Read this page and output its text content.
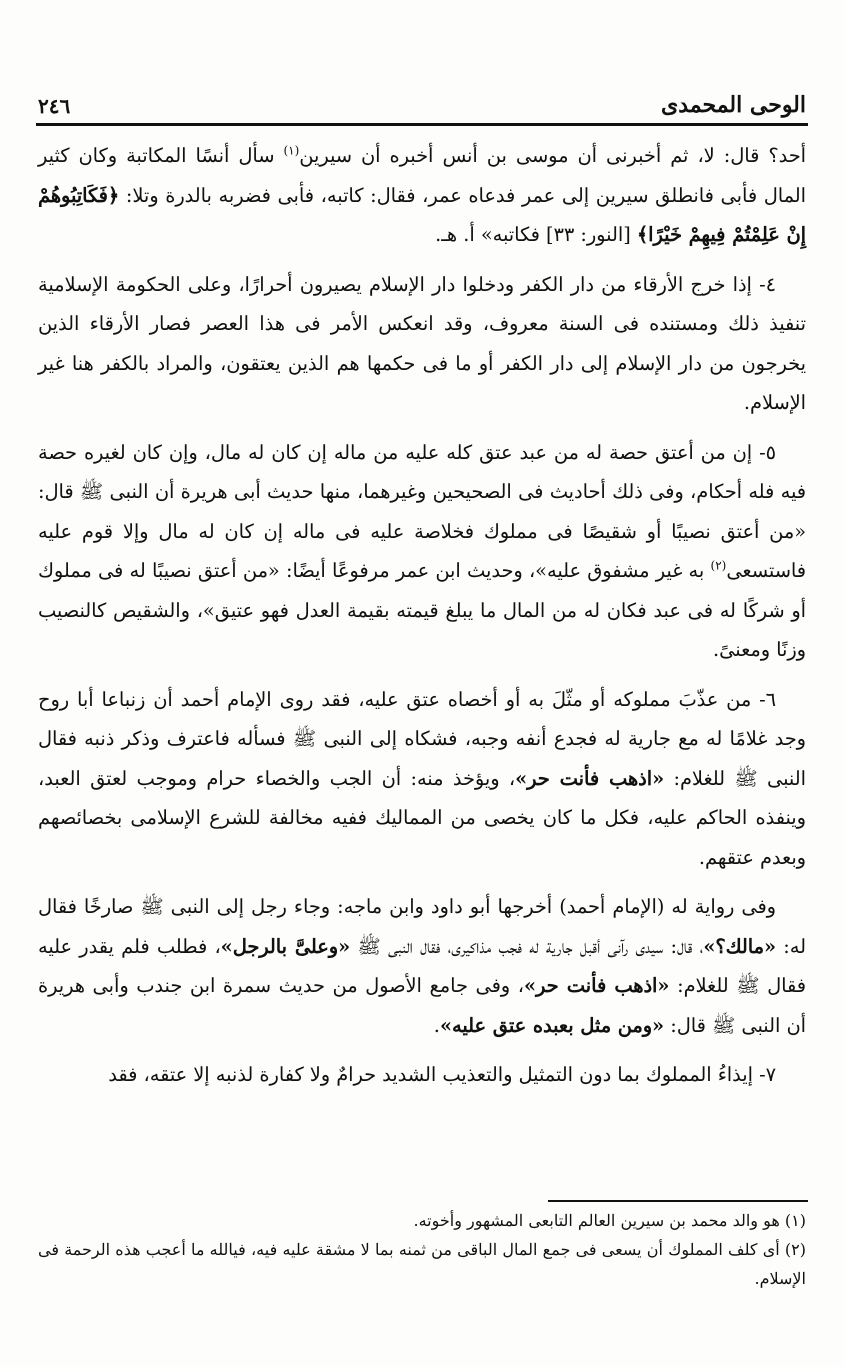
الوحى المحمدى
٢٤٦

أحد؟ قال: لا، ثم أخبرنى أن موسى بن أنس أخبره أن سيرين$^{(١)}$ سأل أنسًا المكاتبة وكان كثير المال فأبى فانطلق سيرين إلى عمر فدعاه عمر، فقال: كاتبه، فأبى فضربه بالدرة وتلا: ﴿فَكَاتِبُوهُمْ إِنْ عَلِمْتُمْ فِيهِمْ خَيْرًا﴾ [النور: ٣٣] فكاتبه» أ. هـ.

٤- إذا خرج الأرقاء من دار الكفر ودخلوا دار الإسلام يصيرون أحرارًا، وعلى الحكومة الإسلامية تنفيذ ذلك ومستنده فى السنة معروف، وقد انعكس الأمر فى هذا العصر فصار الأرقاء الذين يخرجون من دار الإسلام إلى دار الكفر أو ما فى حكمها هم الذين يعتقون، والمراد بالكفر هنا غير الإسلام.

٥- إن من أعتق حصة له من عبد عتق كله عليه من ماله إن كان له مال، وإن كان لغيره حصة فيه فله أحكام، وفى ذلك أحاديث فى الصحيحين وغيرهما، منها حديث أبى هريرة أن النبى ﷺ قال: «من أعتق نصيبًا أو شقيصًا فى مملوك فخلاصة عليه فى ماله إن كان له مال وإلا قوم عليه فاستسعى$^{(٢)}$ به غير مشفوق عليه»، وحديث ابن عمر مرفوعًا أيضًا: «من أعتق نصيبًا له فى مملوك أو شركًا له فى عبد فكان له من المال ما يبلغ قيمته بقيمة العدل فهو عتيق»، والشقيص كالنصيب وزنًا ومعنىً.

٦- من عذّبَ مملوكه أو مثّلَ به أو أخصاه عتق عليه، فقد روى الإمام أحمد أن زنباعا أبا روح وجد غلامًا له مع جارية له فجدع أنفه وجبه، فشكاه إلى النبى ﷺ فسأله فاعترف وذكر ذنبه فقال النبى ﷺ للغلام: «اذهب فأنت حر»، ويؤخذ منه: أن الجب والخصاء حرام وموجب لعتق العبد، وينفذه الحاكم عليه، فكل ما كان يخصى من المماليك ففيه مخالفة للشرع الإسلامى بخصائصهم وبعدم عتقهم.

وفى رواية له (الإمام أحمد) أخرجها أبو داود وابن ماجه: وجاء رجل إلى النبى ﷺ صارخًا فقال له: «مالك؟»، قال: سيدى رآنى أقبل جارية له فجب مذاكيرى، فقال النبى ﷺ «وعلىَّ بالرجل»، فطلب فلم يقدر عليه فقال ﷺ للغلام: «اذهب فأنت حر»، وفى جامع الأصول من حديث سمرة ابن جندب وأبى هريرة أن النبى ﷺ قال: «ومن مثل بعبده عتق عليه».

٧- إيذاءُ المملوك بما دون التمثيل والتعذيب الشديد حرامٌ ولا كفارة لذنبه إلا عتقه، فقد

(١) هو والد محمد بن سيرين العالم التابعى المشهور وأخوته.

(٢) أى كلف المملوك أن يسعى فى جمع المال الباقى من ثمنه بما لا مشقة عليه فيه، فيالله ما أعجب هذه الرحمة فى الإسلام.
